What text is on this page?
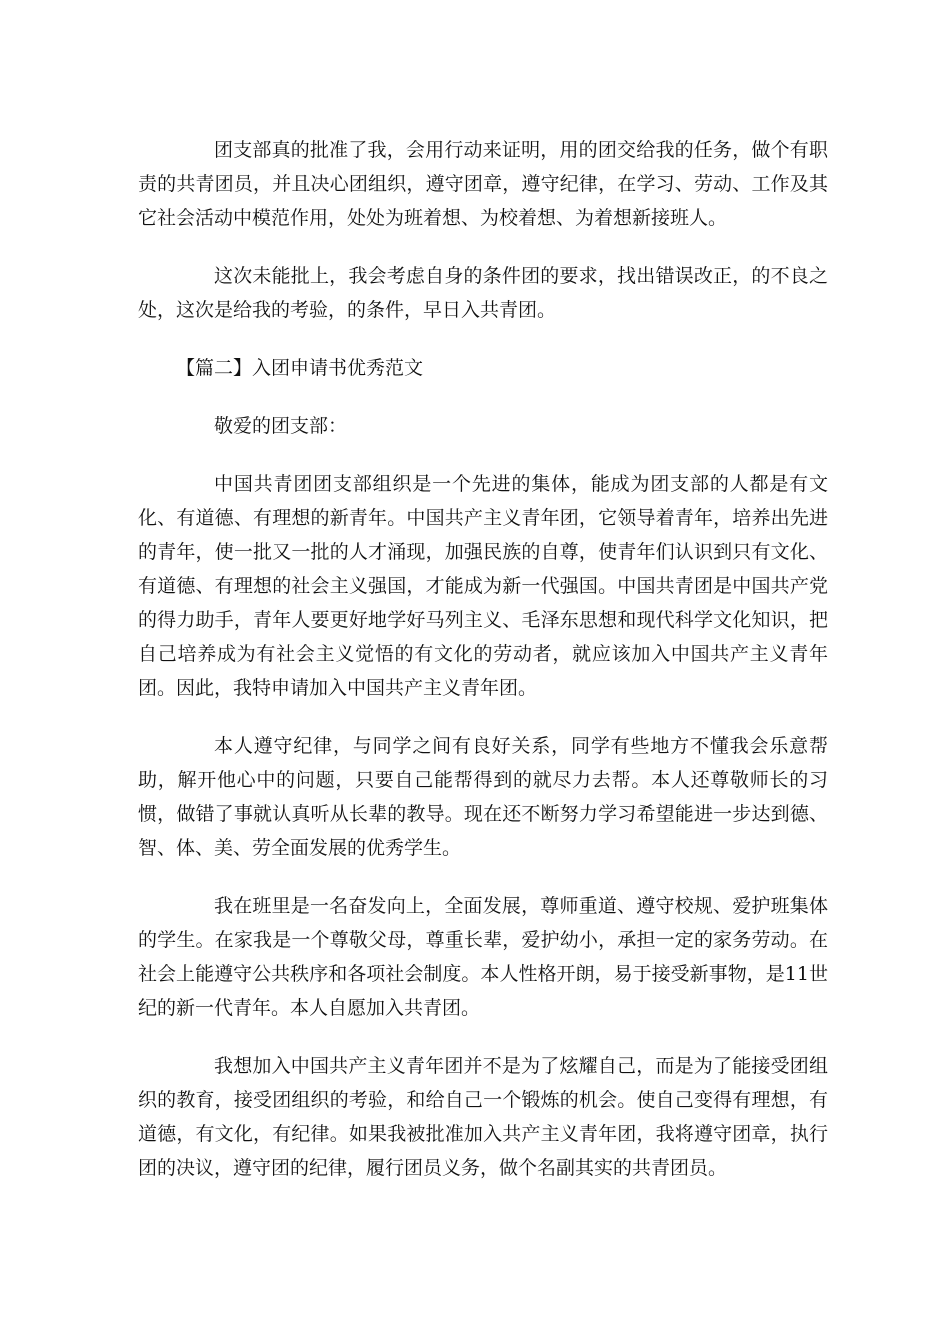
团支部真的批准了我，会用行动来证明，用的团交给我的任务，做个有职责的共青团员，并且决心团组织，遵守团章，遵守纪律，在学习、劳动、工作及其它社会活动中模范作用，处处为班着想、为校着想、为着想新接班人。

这次未能批上，我会考虑自身的条件团的要求，找出错误改正，的不良之处，这次是给我的考验，的条件，早日入共青团。

【篇二】入团申请书优秀范文

敬爱的团支部：

中国共青团团支部组织是一个先进的集体，能成为团支部的人都是有文化、有道德、有理想的新青年。中国共产主义青年团，它领导着青年，培养出先进的青年，使一批又一批的人才涌现，加强民族的自尊，使青年们认识到只有文化、有道德、有理想的社会主义强国，才能成为新一代强国。中国共青团是中国共产党的得力助手，青年人要更好地学好马列主义、毛泽东思想和现代科学文化知识，把自己培养成为有社会主义觉悟的有文化的劳动者，就应该加入中国共产主义青年团。因此，我特申请加入中国共产主义青年团。

本人遵守纪律，与同学之间有良好关系，同学有些地方不懂我会乐意帮助，解开他心中的问题，只要自己能帮得到的就尽力去帮。本人还尊敬师长的习惯，做错了事就认真听从长辈的教导。现在还不断努力学习希望能进一步达到德、智、体、美、劳全面发展的优秀学生。

我在班里是一名奋发向上，全面发展，尊师重道、遵守校规、爱护班集体的学生。在家我是一个尊敬父母，尊重长辈，爱护幼小，承担一定的家务劳动。在社会上能遵守公共秩序和各项社会制度。本人性格开朗，易于接受新事物，是11世纪的新一代青年。本人自愿加入共青团。

我想加入中国共产主义青年团并不是为了炫耀自己，而是为了能接受团组织的教育，接受团组织的考验，和给自己一个锻炼的机会。使自己变得有理想，有道德，有文化，有纪律。如果我被批准加入共产主义青年团，我将遵守团章，执行团的决议，遵守团的纪律，履行团员义务，做个名副其实的共青团员。
